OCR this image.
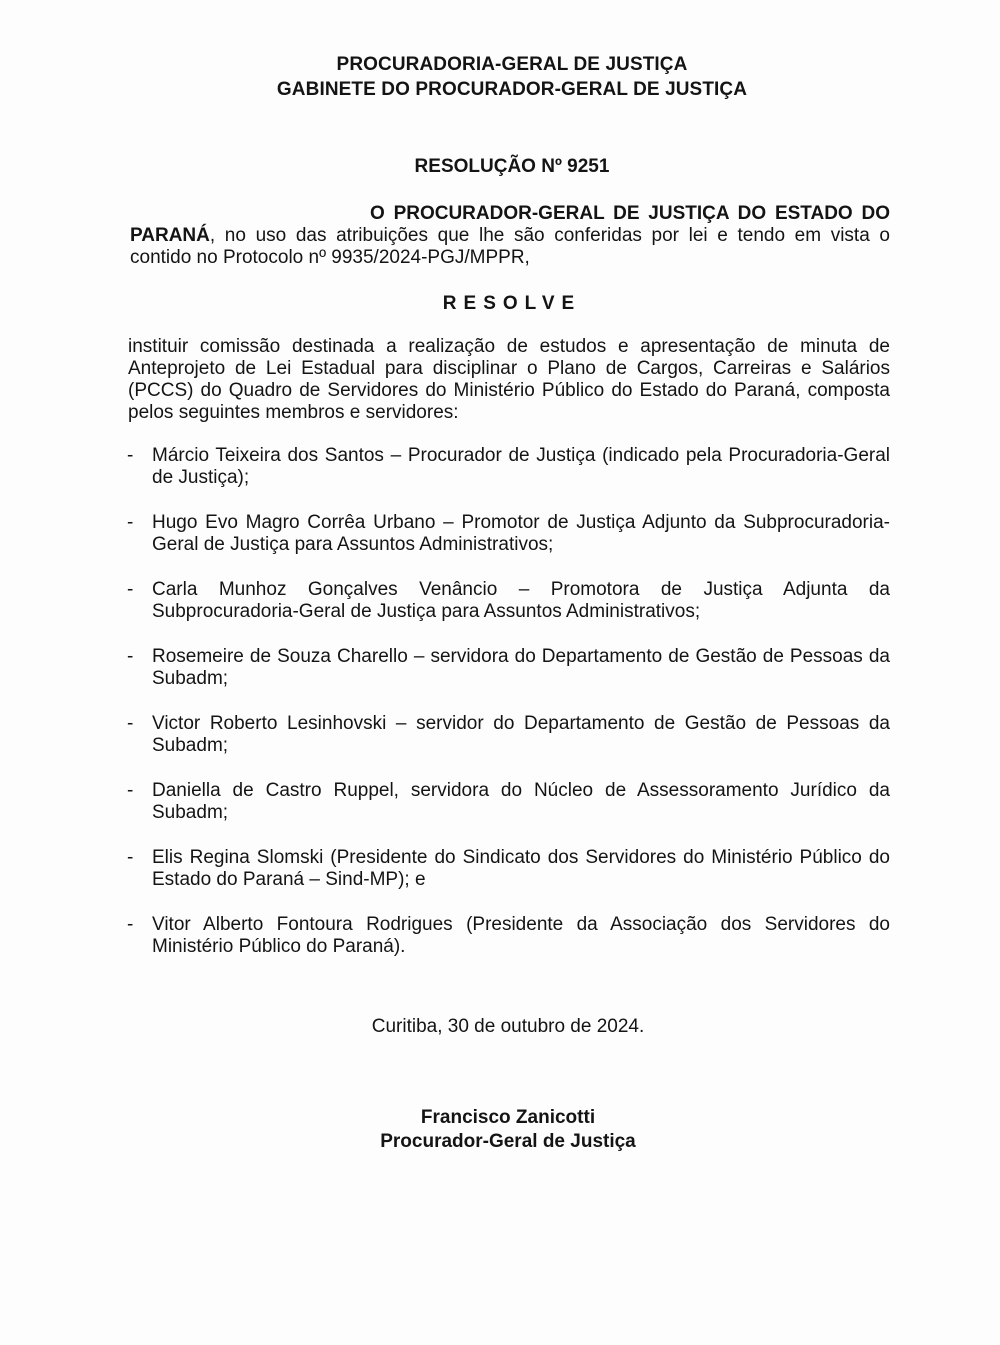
PROCURADORIA-GERAL DE JUSTIÇA
GABINETE DO PROCURADOR-GERAL DE JUSTIÇA
RESOLUÇÃO Nº 9251
O PROCURADOR-GERAL DE JUSTIÇA DO ESTADO DO PARANÁ, no uso das atribuições que lhe são conferidas por lei e tendo em vista o contido no Protocolo nº 9935/2024-PGJ/MPPR,
RESOLVE
instituir comissão destinada a realização de estudos e apresentação de minuta de Anteprojeto de Lei Estadual para disciplinar o Plano de Cargos, Carreiras e Salários (PCCS) do Quadro de Servidores do Ministério Público do Estado do Paraná, composta pelos seguintes membros e servidores:
- Márcio Teixeira dos Santos – Procurador de Justiça (indicado pela Procuradoria-Geral de Justiça);
- Hugo Evo Magro Corrêa Urbano – Promotor de Justiça Adjunto da Subprocuradoria-Geral de Justiça para Assuntos Administrativos;
- Carla Munhoz Gonçalves Venâncio – Promotora de Justiça Adjunta da Subprocuradoria-Geral de Justiça para Assuntos Administrativos;
- Rosemeire de Souza Charello – servidora do Departamento de Gestão de Pessoas da Subadm;
- Victor Roberto Lesinhovski – servidor do Departamento de Gestão de Pessoas da Subadm;
- Daniella de Castro Ruppel, servidora do Núcleo de Assessoramento Jurídico da Subadm;
- Elis Regina Slomski (Presidente do Sindicato dos Servidores do Ministério Público do Estado do Paraná – Sind-MP); e
- Vitor Alberto Fontoura Rodrigues (Presidente da Associação dos Servidores do Ministério Público do Paraná).
Curitiba, 30 de outubro de 2024.
Francisco Zanicotti
Procurador-Geral de Justiça
